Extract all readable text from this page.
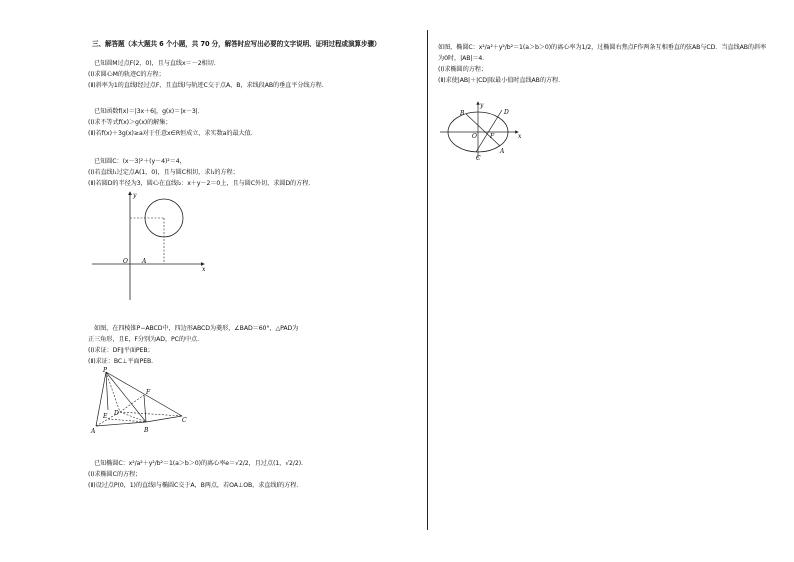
三、解答题（本大题共 6 个小题，共 70 分，解答时应写出必要的文字说明、证明过程或演算步骤）

已知圆M过点F(2，0)，且与直线x＝－2相切.

(Ⅰ)求圆心M的轨迹C的方程；

(Ⅱ)斜率为1的直线l经过点F，且直线l与轨迹C交于点A，B，求线段AB的垂直平分线方程.

已知函数f(x)＝|3x＋6|，g(x)＝|x－3|．

(Ⅰ)求不等式f(x)＞g(x)的解集；

(Ⅱ)若f(x)＋3g(x)≥a对于任意x∈R恒成立，求实数a的最大值.

已知圆C：(x－3)²＋(y－4)²＝4，

(Ⅰ)若直线l₁过定点A(1，0)，且与圆C相切，求l₁的方程；

(Ⅱ)若圆D的半径为3，圆心在直线l₂：x＋y－2＝0上，且与圆C外切，求圆D的方程.

y
x
O A

如图，在四棱锥P−ABCD中，四边形ABCD为菱形，∠BAD＝60°，△PAD为

正三角形，且E，F分别为AD，PC的中点.

(Ⅰ)求证：DF∥平面PEB；

(Ⅱ)求证：BC⊥平面PEB.

P
F
E D
A	B
C

已知椭圆C：x²/a²＋y²/b²＝1(a＞b＞0)的离心率e＝√2/2，且过点(1，√2/2).

(Ⅰ)求椭圆C的方程；

(Ⅱ)设过点P(0，1)的直线l与椭圆C交于A，B两点，若OA⊥OB，求直线l的方程.

如图，椭圆C：x²/a²＋y²/b²＝1(a＞b＞0)的离心率为1/2，过椭圆右焦点F作两条互相垂直的弦AB与CD．当直线AB的斜率

为0时，|AB|＝4．

(Ⅰ)求椭圆的方程；

(Ⅱ)求使|AB|＋|CD|取最小值时直线AB的方程.

B	D
y
O F	x
C
A
